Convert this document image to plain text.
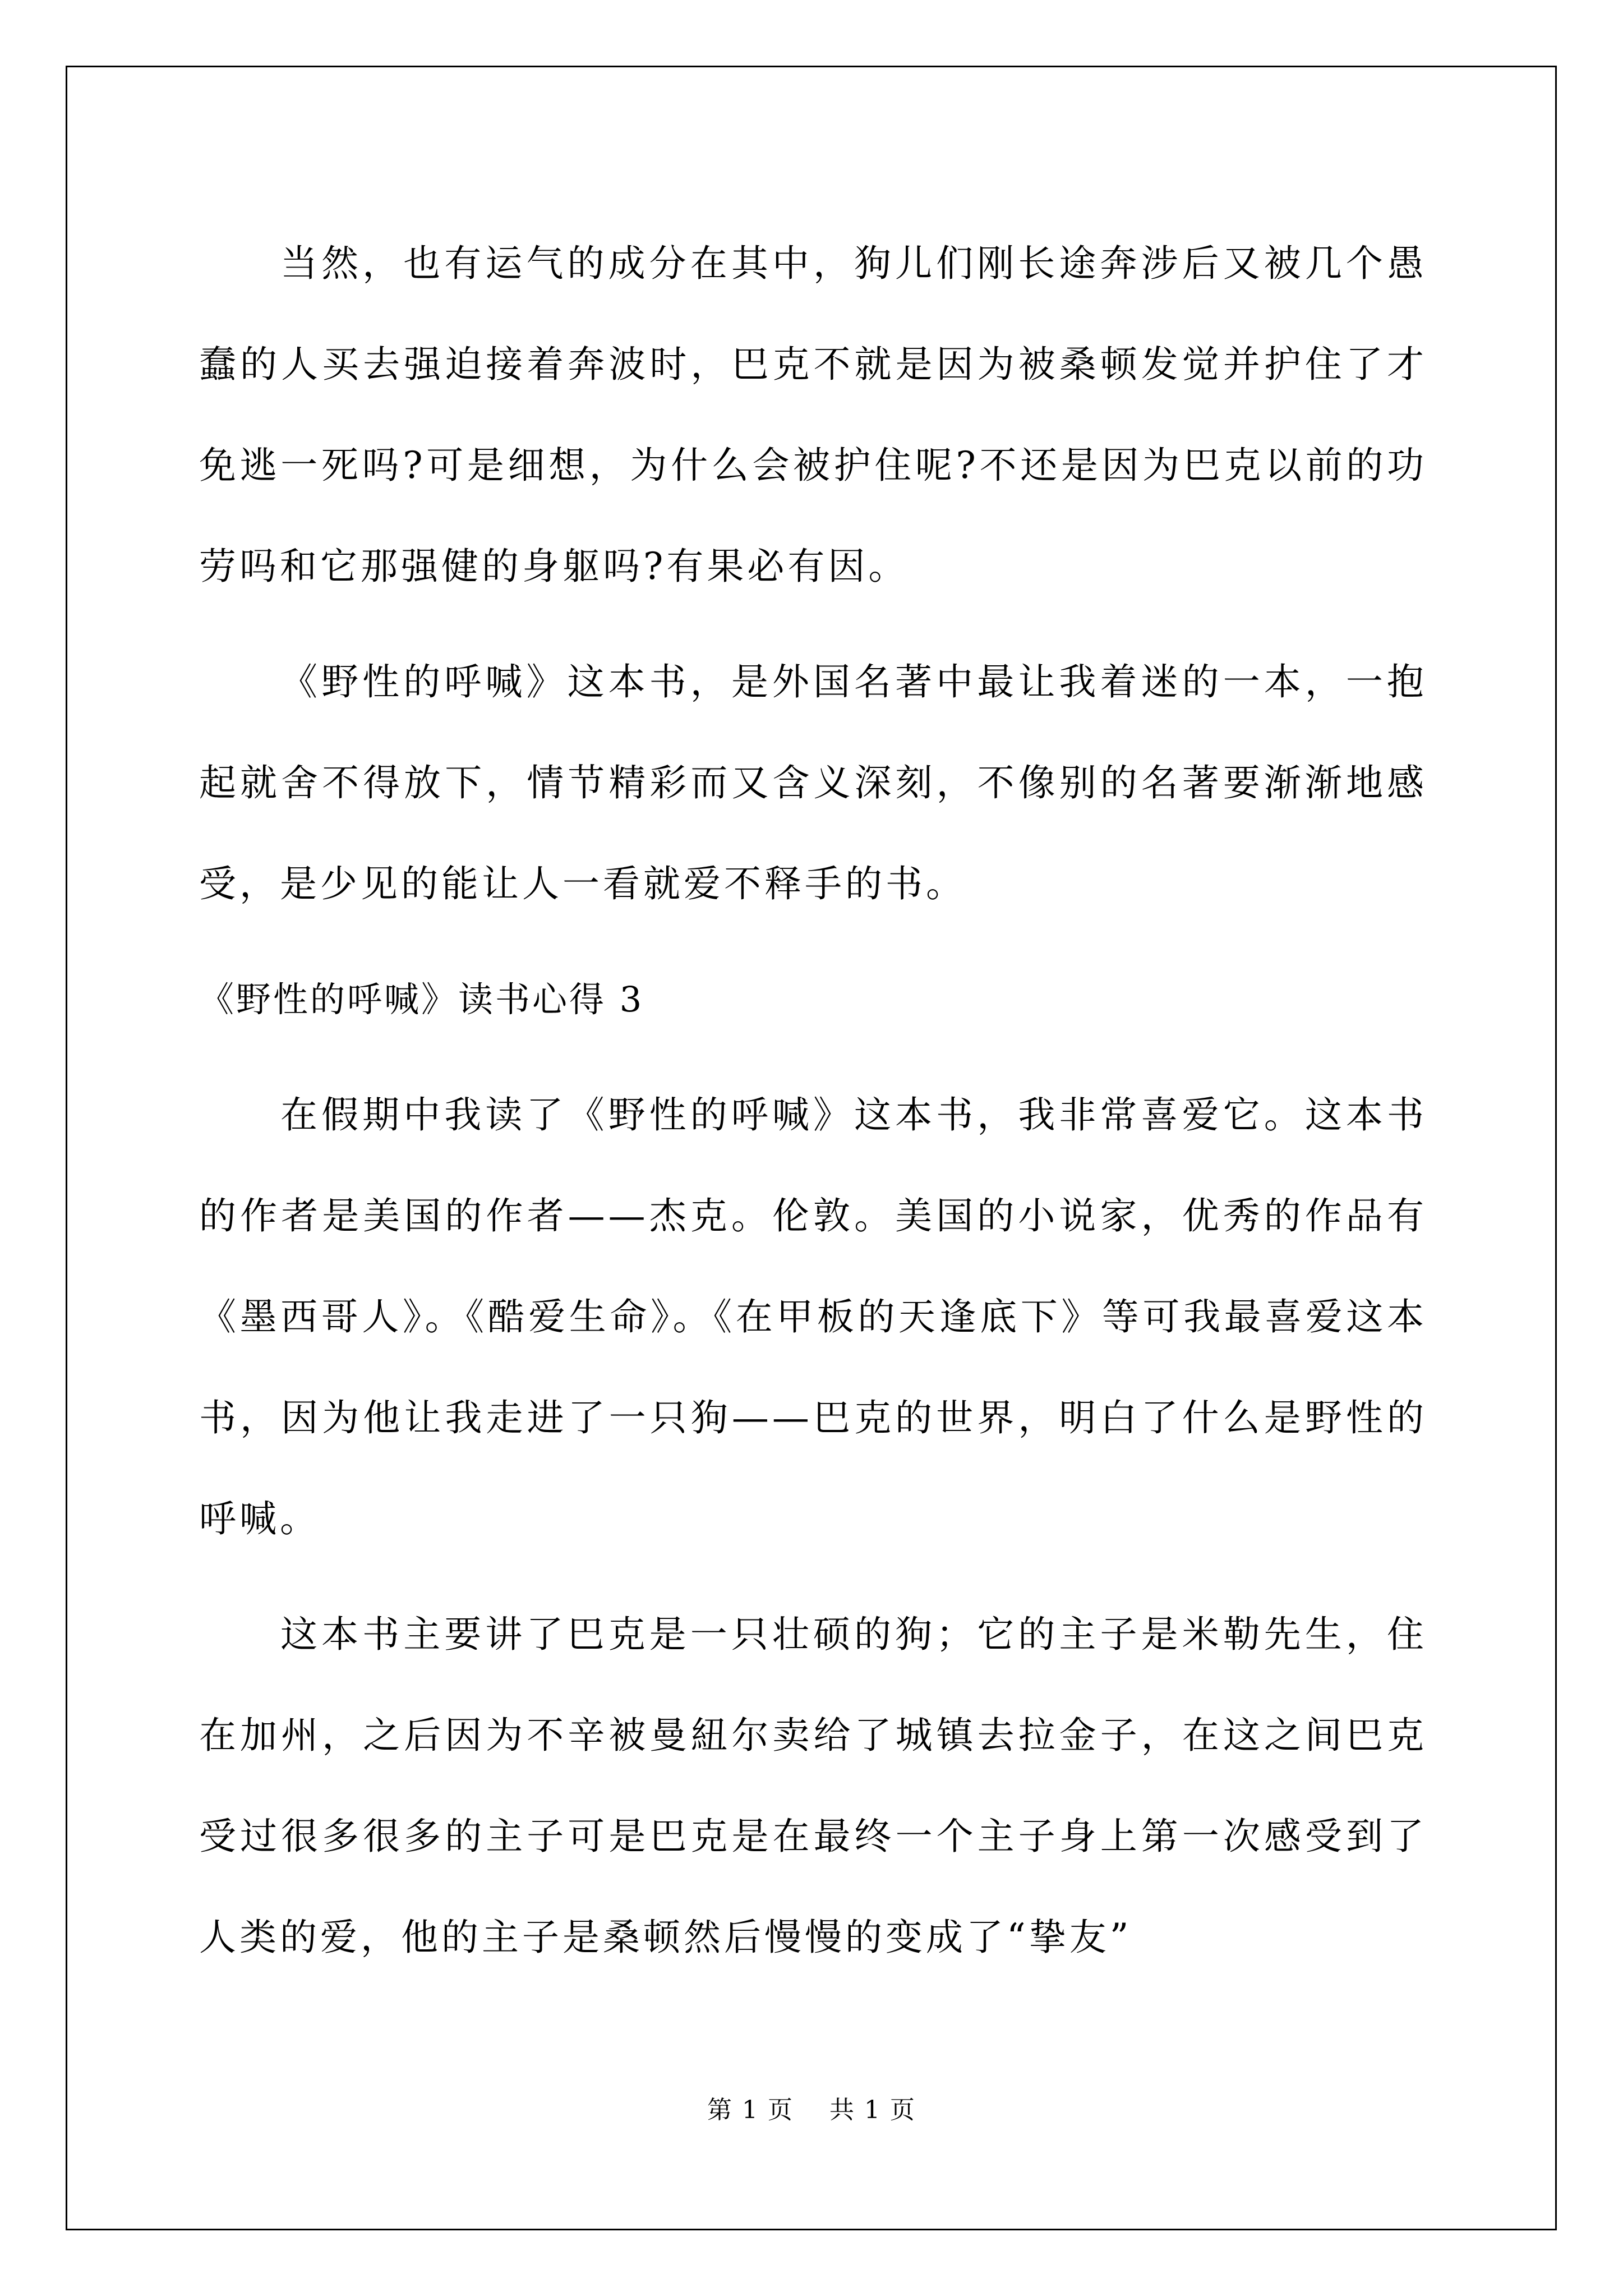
当然，也有运气的成分在其中，狗儿们刚长途奔涉后又被几个愚蠢的人买去强迫接着奔波时，巴克不就是因为被桑顿发觉并护住了才免逃一死吗?可是细想，为什么会被护住呢?不还是因为巴克以前的功劳吗和它那强健的身躯吗?有果必有因。

《野性的呼喊》这本书，是外国名著中最让我着迷的一本，一抱起就舍不得放下，情节精彩而又含义深刻，不像别的名著要渐渐地感受，是少见的能让人一看就爱不释手的书。

《野性的呼喊》读书心得 3

在假期中我读了《野性的呼喊》这本书，我非常喜爱它。这本书的作者是美国的作者——杰克。伦敦。美国的小说家，优秀的作品有《墨西哥人》。《酷爱生命》。《在甲板的天逢底下》等可我最喜爱这本书，因为他让我走进了一只狗——巴克的世界，明白了什么是野性的呼喊。

这本书主要讲了巴克是一只壮硕的狗；它的主子是米勒先生，住在加州，之后因为不辛被曼紐尔卖给了城镇去拉金子，在这之间巴克受过很多很多的主子可是巴克是在最终一个主子身上第一次感受到了人类的爱，他的主子是桑顿然后慢慢的变成了“挚友”

第 1 页 共 1 页
